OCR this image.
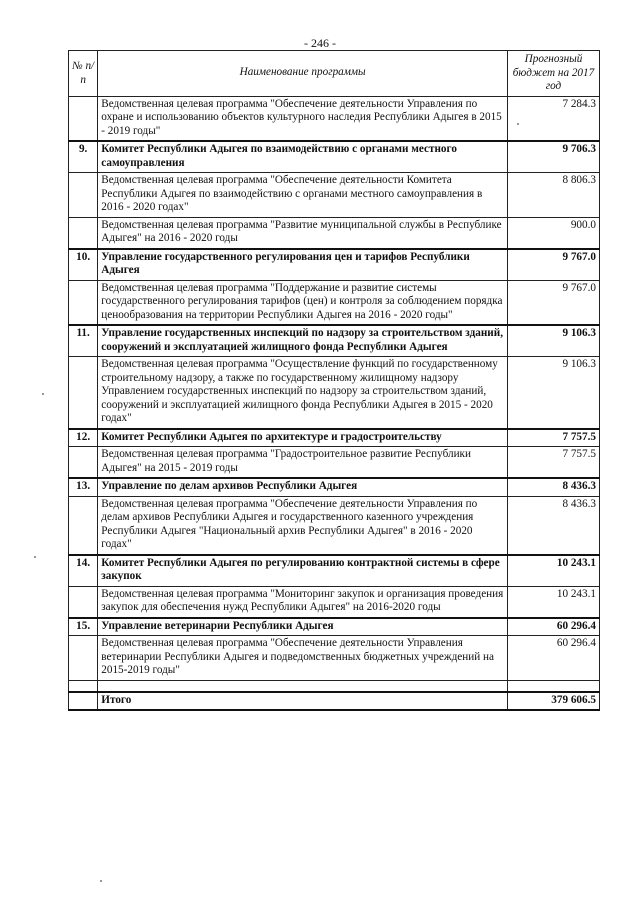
- 246 -
№ п/п	Наименование программы	Прогнозный бюджет на 2017 год
	Ведомственная целевая программа "Обеспечение деятельности Управления по охране и использованию объектов культурного наследия Республики Адыгея в 2015 - 2019 годы"	7 284.3
9.	Комитет Республики Адыгея по взаимодействию с органами местного самоуправления	9 706.3
	Ведомственная целевая программа "Обеспечение деятельности Комитета Республики Адыгея по взаимодействию с органами местного самоуправления в 2016 - 2020 годах"	8 806.3
	Ведомственная целевая программа "Развитие муниципальной службы в Республике Адыгея" на 2016 - 2020 годы	900.0
10.	Управление государственного регулирования цен и тарифов Республики Адыгея	9 767.0
	Ведомственная целевая программа "Поддержание и развитие системы государственного регулирования тарифов (цен) и контроля за соблюдением порядка ценообразования на территории Республики Адыгея на 2016 - 2020 годы"	9 767.0
11.	Управление государственных инспекций по надзору за строительством зданий, сооружений и эксплуатацией жилищного фонда Республики Адыгея	9 106.3
	Ведомственная целевая программа "Осуществление функций по государственному строительному надзору, а также по государственному жилищному надзору Управлением государственных инспекций по надзору за строительством зданий, сооружений и эксплуатацией жилищного фонда Республики Адыгея в 2015 - 2020 годах"	9 106.3
12.	Комитет Республики Адыгея по архитектуре и градостроительству	7 757.5
	Ведомственная целевая программа "Градостроительное развитие Республики Адыгея" на 2015 - 2019 годы	7 757.5
13.	Управление по делам архивов Республики Адыгея	8 436.3
	Ведомственная целевая программа "Обеспечение деятельности Управления по делам архивов Республики Адыгея и государственного казенного учреждения Республики Адыгея "Национальный архив Республики Адыгея" в 2016 - 2020 годах"	8 436.3
14.	Комитет Республики Адыгея по регулированию контрактной системы в сфере закупок	10 243.1
	Ведомственная целевая программа "Мониторинг закупок и организация проведения закупок для обеспечения нужд Республики Адыгея" на 2016-2020 годы	10 243.1
15.	Управление ветеринарии Республики Адыгея	60 296.4
	Ведомственная целевая программа "Обеспечение деятельности Управления ветеринарии Республики Адыгея и подведомственных бюджетных учреждений на 2015-2019 годы"	60 296.4

	Итого	379 606.5
